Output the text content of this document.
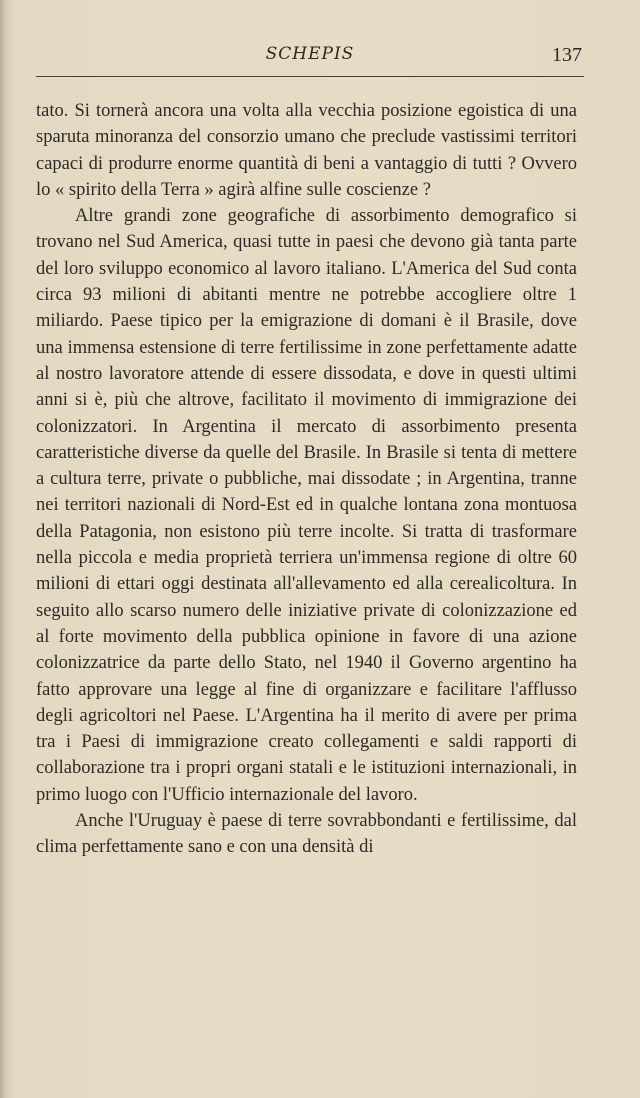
SCHEPIS	137

tato. Si tornerà ancora una volta alla vecchia posizione egoistica di una sparuta minoranza del consorzio umano che preclude vastissimi territori capaci di produrre enorme quantità di beni a vantaggio di tutti ? Ovvero lo « spirito della Terra » agirà alfine sulle coscienze ?

Altre grandi zone geografiche di assorbimento demografico si trovano nel Sud America, quasi tutte in paesi che devono già tanta parte del loro sviluppo economico al lavoro italiano. L'America del Sud conta circa 93 milioni di abitanti mentre ne potrebbe accogliere oltre 1 miliardo. Paese tipico per la emigrazione di domani è il Brasile, dove una immensa estensione di terre fertilissime in zone perfettamente adatte al nostro lavoratore attende di essere dissodata, e dove in questi ultimi anni si è, più che altrove, facilitato il movimento di immigrazione dei colonizzatori. In Argentina il mercato di assorbimento presenta caratteristiche diverse da quelle del Brasile. In Brasile si tenta di mettere a cultura terre, private o pubbliche, mai dissodate ; in Argentina, tranne nei territori nazionali di Nord-Est ed in qualche lontana zona montuosa della Patagonia, non esistono più terre incolte. Si tratta di trasformare nella piccola e media proprietà terriera un'immensa regione di oltre 60 milioni di ettari oggi destinata all'allevamento ed alla cerealicoltura. In seguito allo scarso numero delle iniziative private di colonizzazione ed al forte movimento della pubblica opinione in favore di una azione colonizzatrice da parte dello Stato, nel 1940 il Governo argentino ha fatto approvare una legge al fine di organizzare e facilitare l'afflusso degli agricoltori nel Paese. L'Argentina ha il merito di avere per prima tra i Paesi di immigrazione creato collegamenti e saldi rapporti di collaborazione tra i propri organi statali e le istituzioni internazionali, in primo luogo con l'Ufficio internazionale del lavoro.

Anche l'Uruguay è paese di terre sovrabbondanti e fertilissime, dal clima perfettamente sano e con una densità di
